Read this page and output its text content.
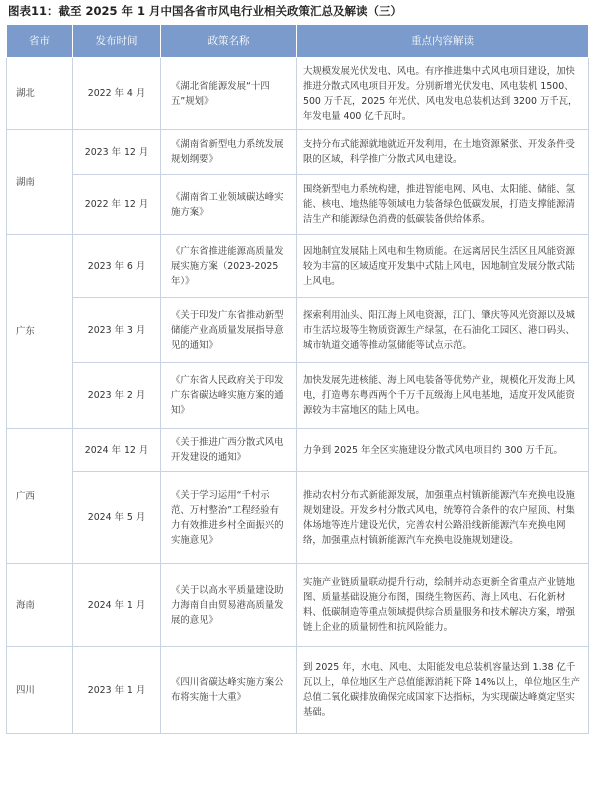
图表11：截至 2025 年 1 月中国各省市风电行业相关政策汇总及解读（三）
省市	发布时间	政策名称	重点内容解读
湖北	2022 年 4 月	《湖北省能源发展“十四五”规划》	大规模发展光伏发电、风电。有序推进集中式风电项目建设，加快推进分散式风电项目开发。分别新增光伏发电、风电装机 1500、500 万千瓦，2025 年光伏、风电发电总装机达到 3200 万千瓦，年发电量 400 亿千瓦时。
湖南	2023 年 12 月	《湖南省新型电力系统发展规划纲要》	支持分布式能源就地就近开发利用，在土地资源紧张、开发条件受限的区域，科学推广分散式风电建设。
	2022 年 12 月	《湖南省工业领域碳达峰实施方案》	围绕新型电力系统构建，推进智能电网、风电、太阳能、储能、氢能、核电、地热能等领域电力装备绿色低碳发展，打造支撑能源清洁生产和能源绿色消费的低碳装备供给体系。
广东	2023 年 6 月	《广东省推进能源高质量发展实施方案（2023-2025年）》	因地制宜发展陆上风电和生物质能。在远离居民生活区且风能资源较为丰富的区域适度开发集中式陆上风电，因地制宜发展分散式陆上风电。
	2023 年 3 月	《关于印发广东省推动新型储能产业高质量发展指导意见的通知》	探索利用汕头、阳江海上风电资源，江门、肇庆等风光资源以及城市生活垃圾等生物质资源生产绿氢，在石油化工园区、港口码头、城市轨道交通等推动氢储能等试点示范。
	2023 年 2 月	《广东省人民政府关于印发广东省碳达峰实施方案的通知》	加快发展先进核能、海上风电装备等优势产业，规模化开发海上风电，打造粤东粤西两个千万千瓦级海上风电基地，适度开发风能资源较为丰富地区的陆上风电。
广西	2024 年 12 月	《关于推进广西分散式风电开发建设的通知》	力争到 2025 年全区实施建设分散式风电项目约 300 万千瓦。
	2024 年 5 月	《关于学习运用“千村示范、万村整治”工程经验有力有效推进乡村全面振兴的实施意见》	推动农村分布式新能源发展，加强重点村镇新能源汽车充换电设施规划建设。开发乡村分散式风电，统筹符合条件的农户屋顶、村集体场地等连片建设光伏，完善农村公路沿线新能源汽车充换电网络，加强重点村镇新能源汽车充换电设施规划建设。
海南	2024 年 1 月	《关于以高水平质量建设助力海南自由贸易港高质量发展的意见》	实施产业链质量联动提升行动，绘制并动态更新全省重点产业链地图、质量基础设施分布图，围绕生物医药、海上风电、石化新材料、低碳制造等重点领域提供综合质量服务和技术解决方案，增强链上企业的质量韧性和抗风险能力。
四川	2023 年 1 月	《四川省碳达峰实施方案公布将实施十大重》	到 2025 年，水电、风电、太阳能发电总装机容量达到 1.38 亿千瓦以上，单位地区生产总值能源消耗下降 14%以上，单位地区生产总值二氧化碳排放确保完成国家下达指标，为实现碳达峰奠定坚实基础。
